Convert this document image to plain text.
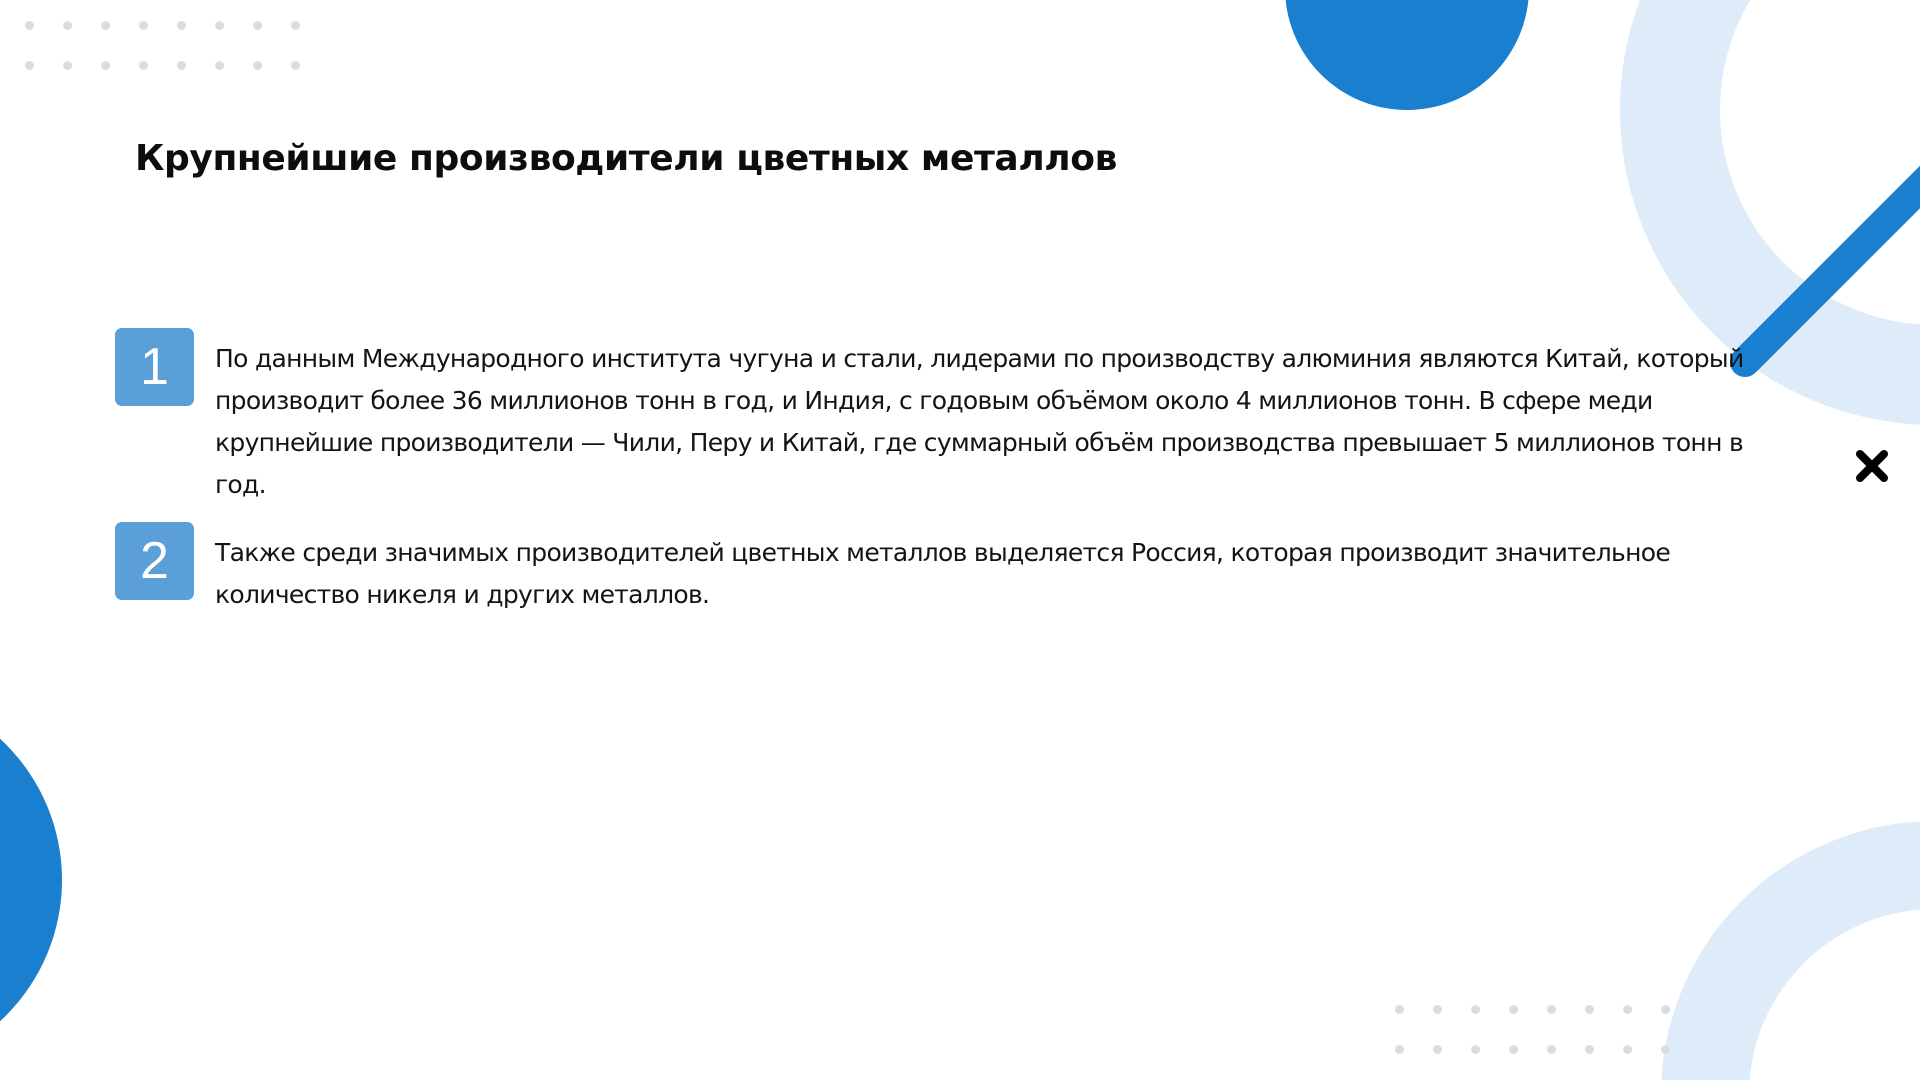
Крупнейшие производители цветных металлов
1	По данным Международного института чугуна и стали, лидерами по производству алюминия являются Китай, который производит более 36 миллионов тонн в год, и Индия, с годовым объёмом около 4 миллионов тонн. В сфере меди крупнейшие производители — Чили, Перу и Китай, где суммарный объём производства превышает 5 миллионов тонн в год.

2	Также среди значимых производителей цветных металлов выделяется Россия, которая производит значительное количество никеля и других металлов.
